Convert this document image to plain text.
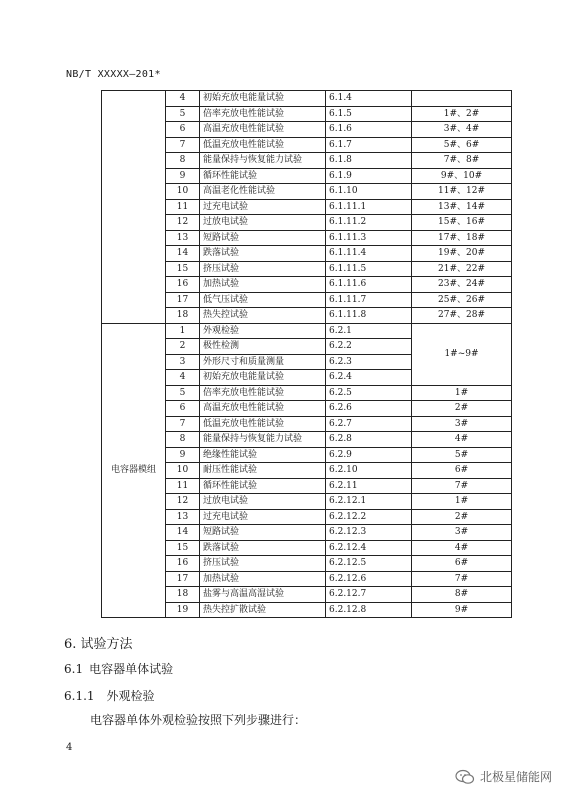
NB/T XXXXX—201*
	4	初始充放电能量试验	6.1.4	
	5	倍率充放电性能试验	6.1.5	1#、2#
	6	高温充放电性能试验	6.1.6	3#、4#
	7	低温充放电性能试验	6.1.7	5#、6#
	8	能量保持与恢复能力试验	6.1.8	7#、8#
	9	循环性能试验	6.1.9	9#、10#
	10	高温老化性能试验	6.1.10	11#、12#
	11	过充电试验	6.1.11.1	13#、14#
	12	过放电试验	6.1.11.2	15#、16#
	13	短路试验	6.1.11.3	17#、18#
	14	跌落试验	6.1.11.4	19#、20#
	15	挤压试验	6.1.11.5	21#、22#
	16	加热试验	6.1.11.6	23#、24#
	17	低气压试验	6.1.11.7	25#、26#
	18	热失控试验	6.1.11.8	27#、28#
电容器模组	1	外观检验	6.2.1	1#~9#
	2	极性检测	6.2.2	
	3	外形尺寸和质量测量	6.2.3	
	4	初始充放电能量试验	6.2.4	
	5	倍率充放电性能试验	6.2.5	1#
	6	高温充放电性能试验	6.2.6	2#
	7	低温充放电性能试验	6.2.7	3#
	8	能量保持与恢复能力试验	6.2.8	4#
	9	绝缘性能试验	6.2.9	5#
	10	耐压性能试验	6.2.10	6#
	11	循环性能试验	6.2.11	7#
	12	过放电试验	6.2.12.1	1#
	13	过充电试验	6.2.12.2	2#
	14	短路试验	6.2.12.3	3#
	15	跌落试验	6.2.12.4	4#
	16	挤压试验	6.2.12.5	6#
	17	加热试验	6.2.12.6	7#
	18	盐雾与高温高湿试验	6.2.12.7	8#
	19	热失控扩散试验	6.2.12.8	9#
6. 试验方法
6.1 电容器单体试验
6.1.1 外观检验
电容器单体外观检验按照下列步骤进行：
4
北极星储能网
